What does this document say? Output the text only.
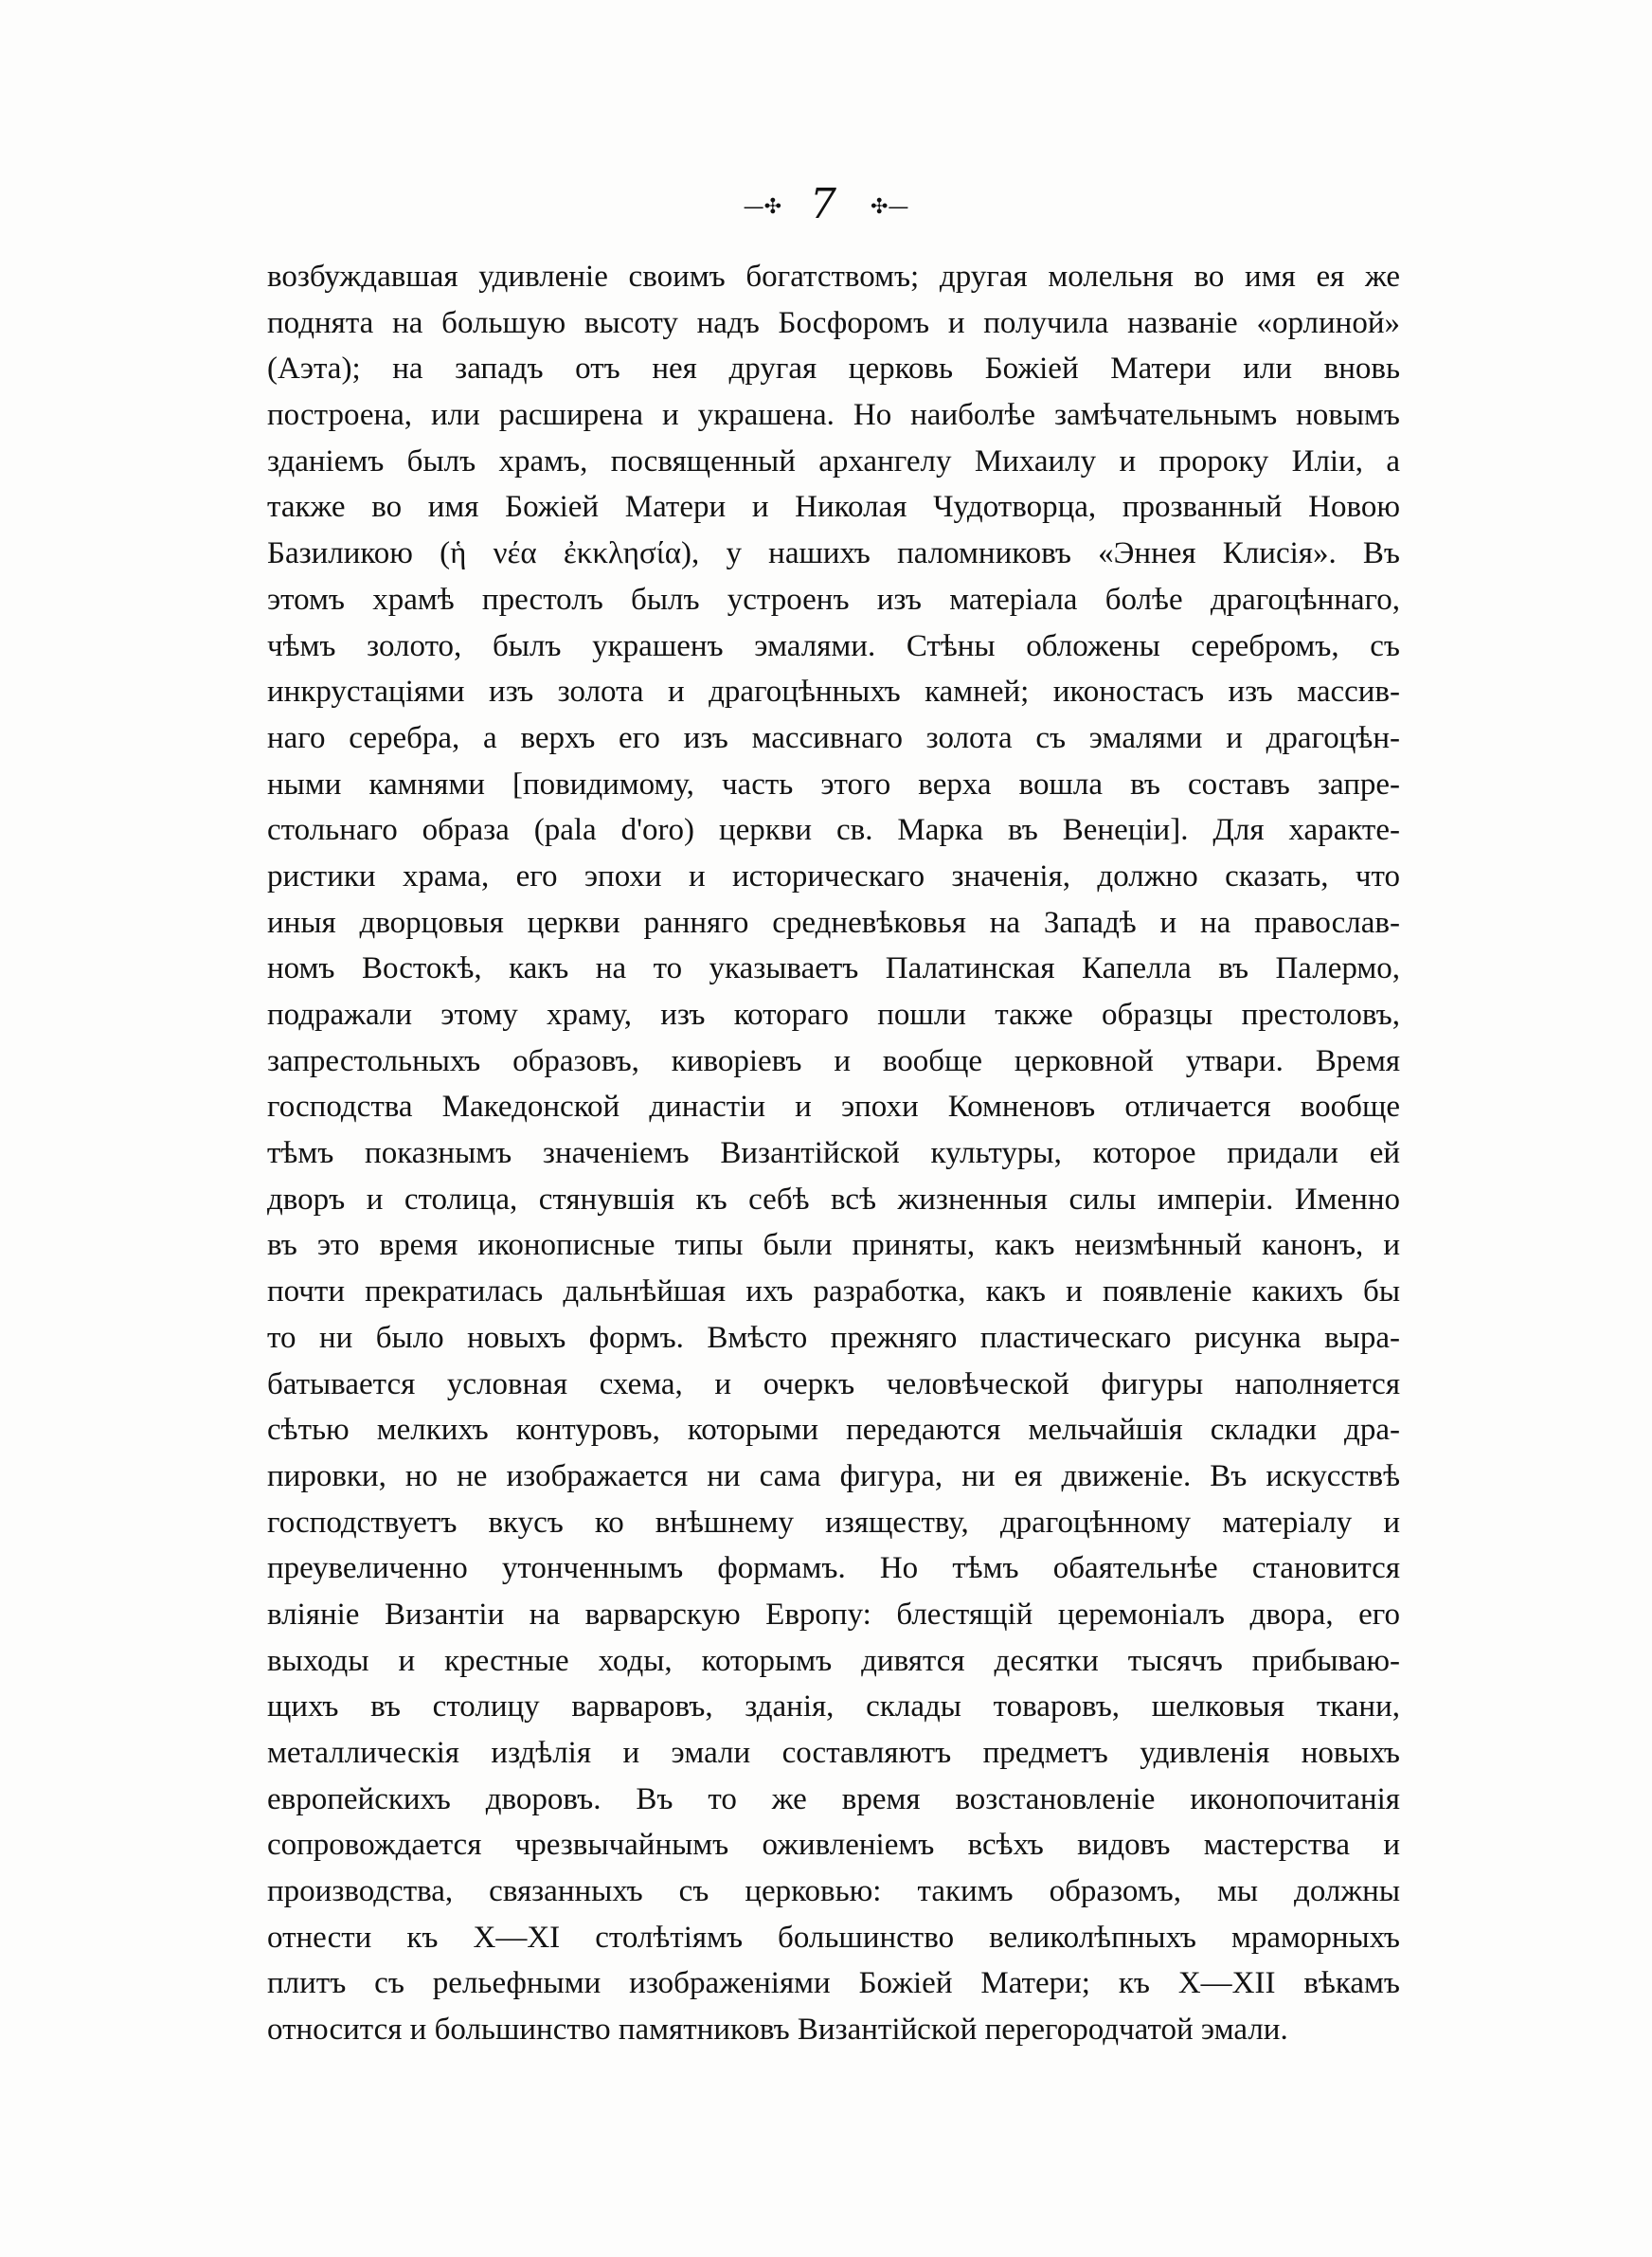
—✣ 7 ✣—
возбуждавшая удивленіе своимъ богатствомъ; другая молельня во имя ея же
поднята на большую высоту надъ Босфоромъ и получила названіе «орлиной»
(Аэта); на западъ отъ нея другая церковь Божіей Матери или вновь
построена, или расширена и украшена. Но наиболѣе замѣчательнымъ новымъ
зданіемъ былъ храмъ, посвященный архангелу Михаилу и пророку Иліи, а
также во имя Божіей Матери и Николая Чудотворца, прозванный Новою
Базиликою (ἡ νέα ἐκκλησία), у нашихъ паломниковъ «Эннея Клисія». Въ
этомъ храмѣ престолъ былъ устроенъ изъ матеріала болѣе драгоцѣннаго,
чѣмъ золото, былъ украшенъ эмалями. Стѣны обложены серебромъ, съ
инкрустаціями изъ золота и драгоцѣнныхъ камней; иконостасъ изъ массив-
наго серебра, а верхъ его изъ массивнаго золота съ эмалями и драгоцѣн-
ными камнями [повидимому, часть этого верха вошла въ составъ запре-
стольнаго образа (pala d'oro) церкви св. Марка въ Венеціи]. Для характе-
ристики храма, его эпохи и историческаго значенія, должно сказать, что
иныя дворцовыя церкви ранняго средневѣковья на Западѣ и на православ-
номъ Востокѣ, какъ на то указываетъ Палатинская Капелла въ Палермо,
подражали этому храму, изъ котораго пошли также образцы престоловъ,
запрестольныхъ образовъ, киворіевъ и вообще церковной утвари. Время
господства Македонской династіи и эпохи Комненовъ отличается вообще
тѣмъ показнымъ значеніемъ Византійской культуры, которое придали ей
дворъ и столица, стянувшія къ себѣ всѣ жизненныя силы имперіи. Именно
въ это время иконописные типы были приняты, какъ неизмѣнный канонъ, и
почти прекратилась дальнѣйшая ихъ разработка, какъ и появленіе какихъ бы
то ни было новыхъ формъ. Вмѣсто прежняго пластическаго рисунка выра-
батывается условная схема, и очеркъ человѣческой фигуры наполняется
сѣтью мелкихъ контуровъ, которыми передаются мельчайшія складки дра-
пировки, но не изображается ни сама фигура, ни ея движеніе. Въ искусствѣ
господствуетъ вкусъ ко внѣшнему изяществу, драгоцѣнному матеріалу и
преувеличенно утонченнымъ формамъ. Но тѣмъ обаятельнѣе становится
вліяніе Византіи на варварскую Европу: блестящій церемоніалъ двора, его
выходы и крестные ходы, которымъ дивятся десятки тысячъ прибываю-
щихъ въ столицу варваровъ, зданія, склады товаровъ, шелковыя ткани,
металлическія издѣлія и эмали составляютъ предметъ удивленія новыхъ
европейскихъ дворовъ. Въ то же время возстановленіе иконопочитанія
сопровождается чрезвычайнымъ оживленіемъ всѣхъ видовъ мастерства и
производства, связанныхъ съ церковью: такимъ образомъ, мы должны
отнести къ X—XI столѣтіямъ большинство великолѣпныхъ мраморныхъ
плитъ съ рельефными изображеніями Божіей Матери; къ X—XII вѣкамъ
относится и большинство памятниковъ Византійской перегородчатой эмали.
